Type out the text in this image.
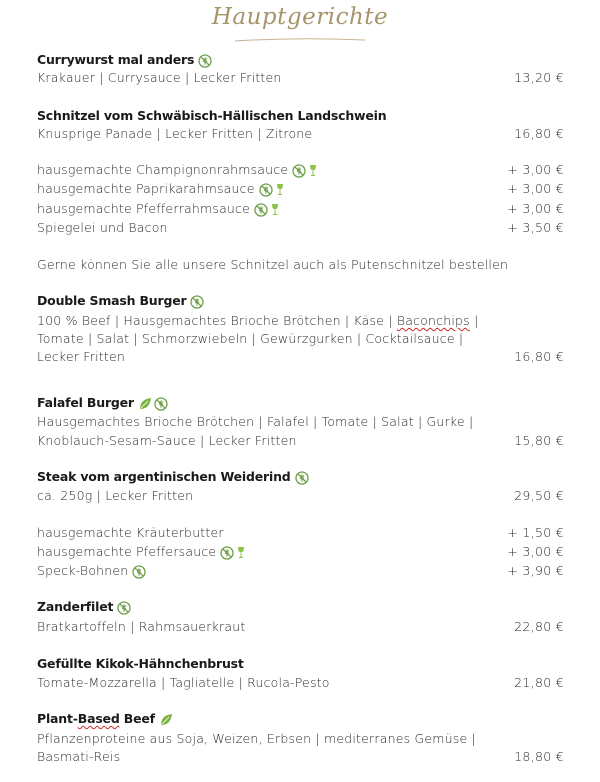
Hauptgerichte
Currywurst mal anders
Krakauer | Currysauce | Lecker Fritten	13,20 €
Schnitzel vom Schwäbisch-Hällischen Landschwein
Knusprige Panade | Lecker Fritten | Zitrone	16,80 €
hausgemachte Champignonrahmsauce	+ 3,00 €
hausgemachte Paprikarahmsauce	+ 3,00 €
hausgemachte Pfefferrahmsauce	+ 3,00 €
Spiegelei und Bacon	+ 3,50 €
Gerne können Sie alle unsere Schnitzel auch als Putenschnitzel bestellen
Double Smash Burger
100 % Beef | Hausgemachtes Brioche Brötchen | Käse | Baconchips |
Tomate | Salat | Schmorzwiebeln | Gewürzgurken | Cocktailsauce |
Lecker Fritten	16,80 €
Falafel Burger
Hausgemachtes Brioche Brötchen | Falafel | Tomate | Salat | Gurke |
Knoblauch-Sesam-Sauce | Lecker Fritten	15,80 €
Steak vom argentinischen Weiderind
ca. 250g | Lecker Fritten	29,50 €
hausgemachte Kräuterbutter	+ 1,50 €
hausgemachte Pfeffersauce	+ 3,00 €
Speck-Bohnen	+ 3,90 €
Zanderfilet
Bratkartoffeln | Rahmsauerkraut	22,80 €
Gefüllte Kikok-Hähnchenbrust
Tomate-Mozzarella | Tagliatelle | Rucola-Pesto	21,80 €
Plant-Based Beef
Pflanzenproteine aus Soja, Weizen, Erbsen | mediterranes Gemüse |
Basmati-Reis	18,80 €
